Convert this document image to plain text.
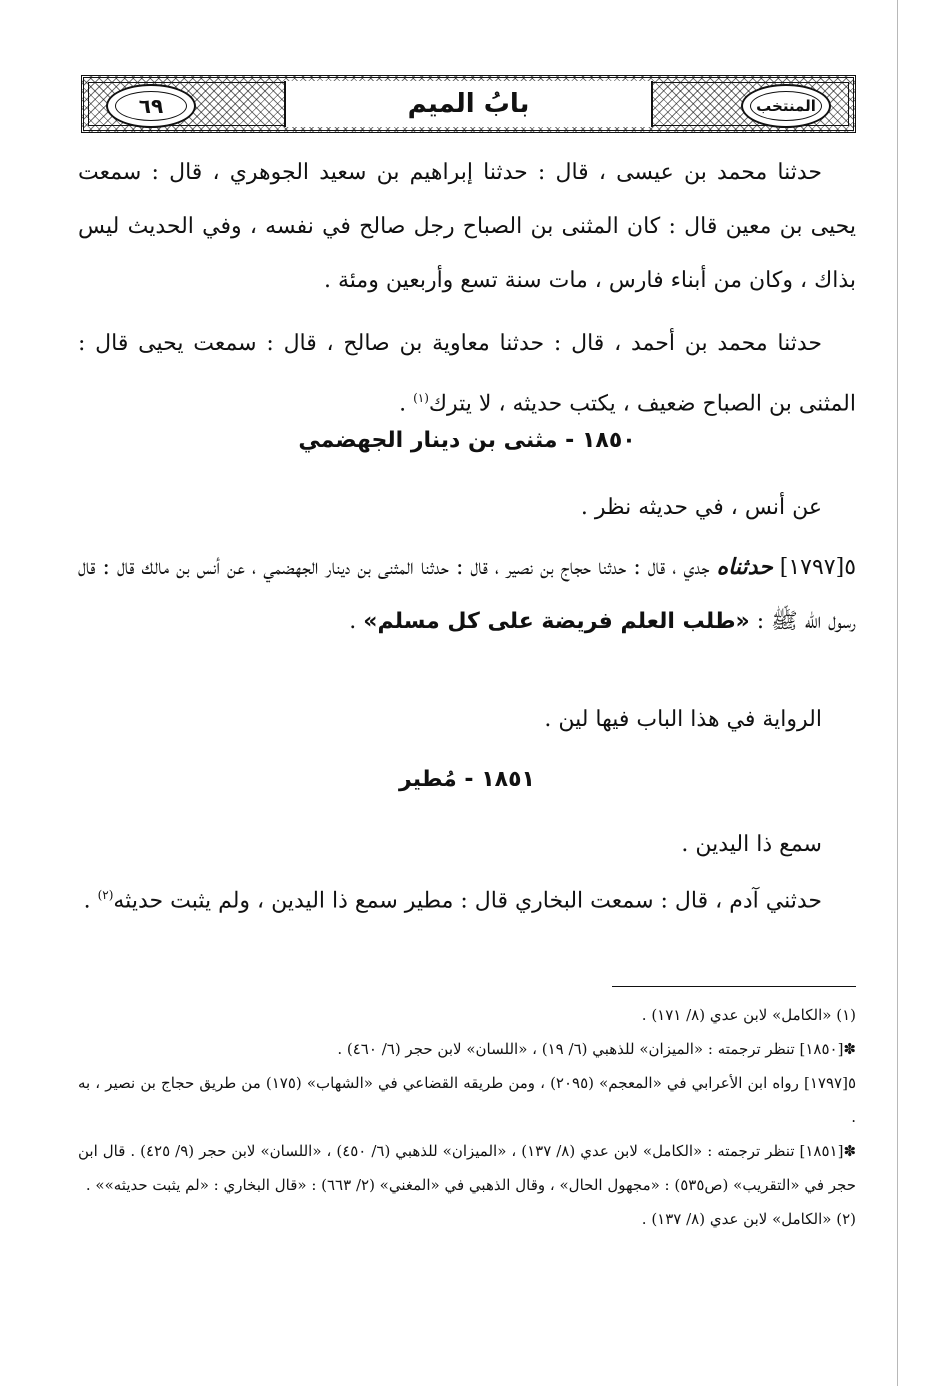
بابُ الميم	المنتخب
٦٩

حدثنا محمد بن عيسى ، قال : حدثنا إبراهيم بن سعيد الجوهري ، قال : سمعت يحيى بن معين قال : كان المثنى بن الصباح رجل صالح في نفسه ، وفي الحديث ليس بذاك ، وكان من أبناء فارس ، مات سنة تسع وأربعين ومئة .

حدثنا محمد بن أحمد ، قال : حدثنا معاوية بن صالح ، قال : سمعت يحيى قال : المثنى بن الصباح ضعيف ، يكتب حديثه ، لا يترك$^{(١)}$ .

١٨٥٠ - مثنى بن دينار الجهضمي

عن أنس ، في حديثه نظر .

٥[١٧٩٧] حدثناه جدي ، قال : حدثنا حجاج بن نصير ، قال : حدثنا المثنى بن دينار الجهضمي ، عن أنس بن مالك قال : قال رسول الله ﷺ : «طلب العلم فريضة على كل مسلم» .

الرواية في هذا الباب فيها لين .

١٨٥١ - مُطير

سمع ذا اليدين .

حدثني آدم ، قال : سمعت البخاري قال : مطير سمع ذا اليدين ، ولم يثبت حديثه$^{(٢)}$ .

(١) «الكامل» لابن عدي (٨/ ١٧١) .

✽[١٨٥٠] تنظر ترجمته : «الميزان» للذهبي (٦/ ١٩) ، «اللسان» لابن حجر (٦/ ٤٦٠) .

٥[١٧٩٧] رواه ابن الأعرابي في «المعجم» (٢٠٩٥) ، ومن طريقه القضاعي في «الشهاب» (١٧٥) من طريق حجاج بن نصير ، به .

✽[١٨٥١] تنظر ترجمته : «الكامل» لابن عدي (٨/ ١٣٧) ، «الميزان» للذهبي (٦/ ٤٥٠) ، «اللسان» لابن حجر (٩/ ٤٢٥) . قال ابن حجر في «التقريب» (ص٥٣٥) : «مجهول الحال» ، وقال الذهبي في «المغني» (٢/ ٦٦٣) : «قال البخاري : «لم يثبت حديثه»» .

(٢) «الكامل» لابن عدي (٨/ ١٣٧) .
